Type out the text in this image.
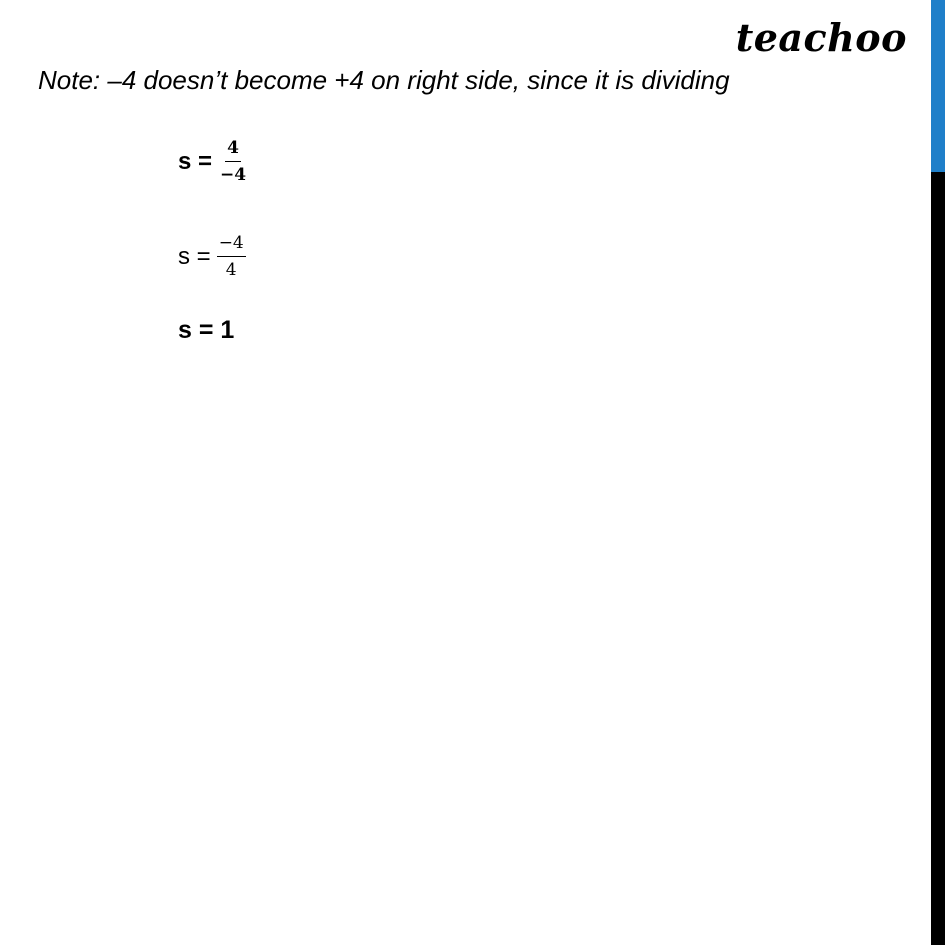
teachoo
Note: –4 doesn’t become +4 on right side, since it is dividing
$s = \frac{4}{-4}$
$s = \frac{-4}{4}$
s = 1
